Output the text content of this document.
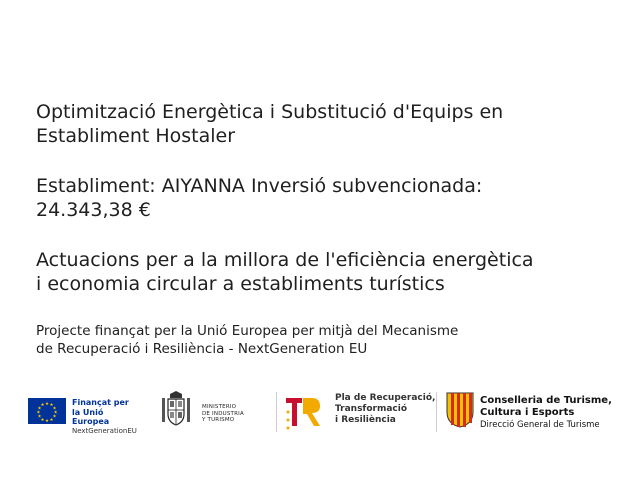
Optimització Energètica i Substitució d'Equips en
Establiment Hostaler

Establiment: AIYANNA Inversió subvencionada:
24.343,38 €

Actuacions per a la millora de l'eficiència energètica
i economia circular a establiments turístics

Projecte finançat per la Unió Europea per mitjà del Mecanisme
de Recuperació i Resiliència - NextGeneration EU

★ ★
★
★
★
★
★
★
★
★
★
★	Finançat per
la Unió Europea
NextGenerationEU
MINISTERIO
DE INDUSTRIA
Y TURISMO
Pla de Recuperació,
Transformació
i Resiliència
Conselleria de Turisme,
Cultura i Esports
Direcció General de Turisme
